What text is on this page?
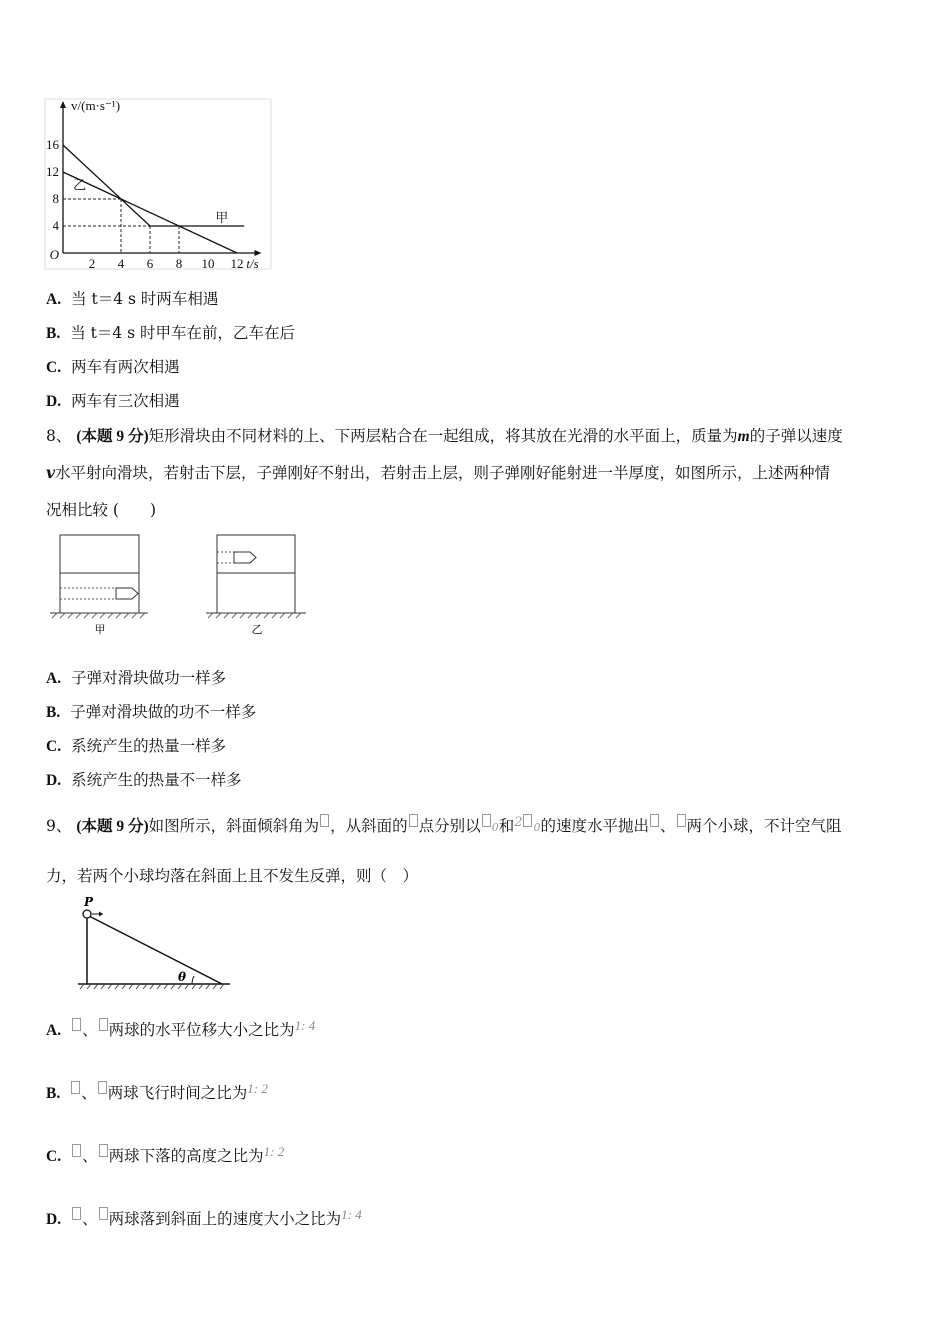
甲
乙
2 4 6 8 10 12
16
12
8
4
O
v/(m·s⁻¹)
t/s
A. 当 t＝4 s 时两车相遇
B. 当 t＝4 s 时甲车在前，乙车在后
C. 两车有两次相遇
D. 两车有三次相遇
8、 (本题 9 分)矩形滑块由不同材料的上、下两层粘合在一起组成，将其放在光滑的水平面上，质量为m的子弹以速度
v水平射向滑块，若射击下层，子弹刚好不射出，若射击上层，则子弹刚好能射进一半厚度，如图所示，上述两种情
况相比较 (　　)
甲	乙
A. 子弹对滑块做功一样多
B. 子弹对滑块做的功不一样多
C. 系统产生的热量一样多
D. 系统产生的热量不一样多
9、 (本题 9 分)如图所示，斜面倾斜角为 ，从斜面的 点分别以 0和$^2$ 0的速度水平抛出 、 两个小球，不计空气阻
力，若两个小球均落在斜面上且不发生反弹，则（　）
P
θ
A. 、 两球的水平位移大小之比为$^{1: 4}$
B. 、 两球飞行时间之比为$^{1: 2}$
C. 、 两球下落的高度之比为$^{1: 2}$
D. 、 两球落到斜面上的速度大小之比为$^{1: 4}$
